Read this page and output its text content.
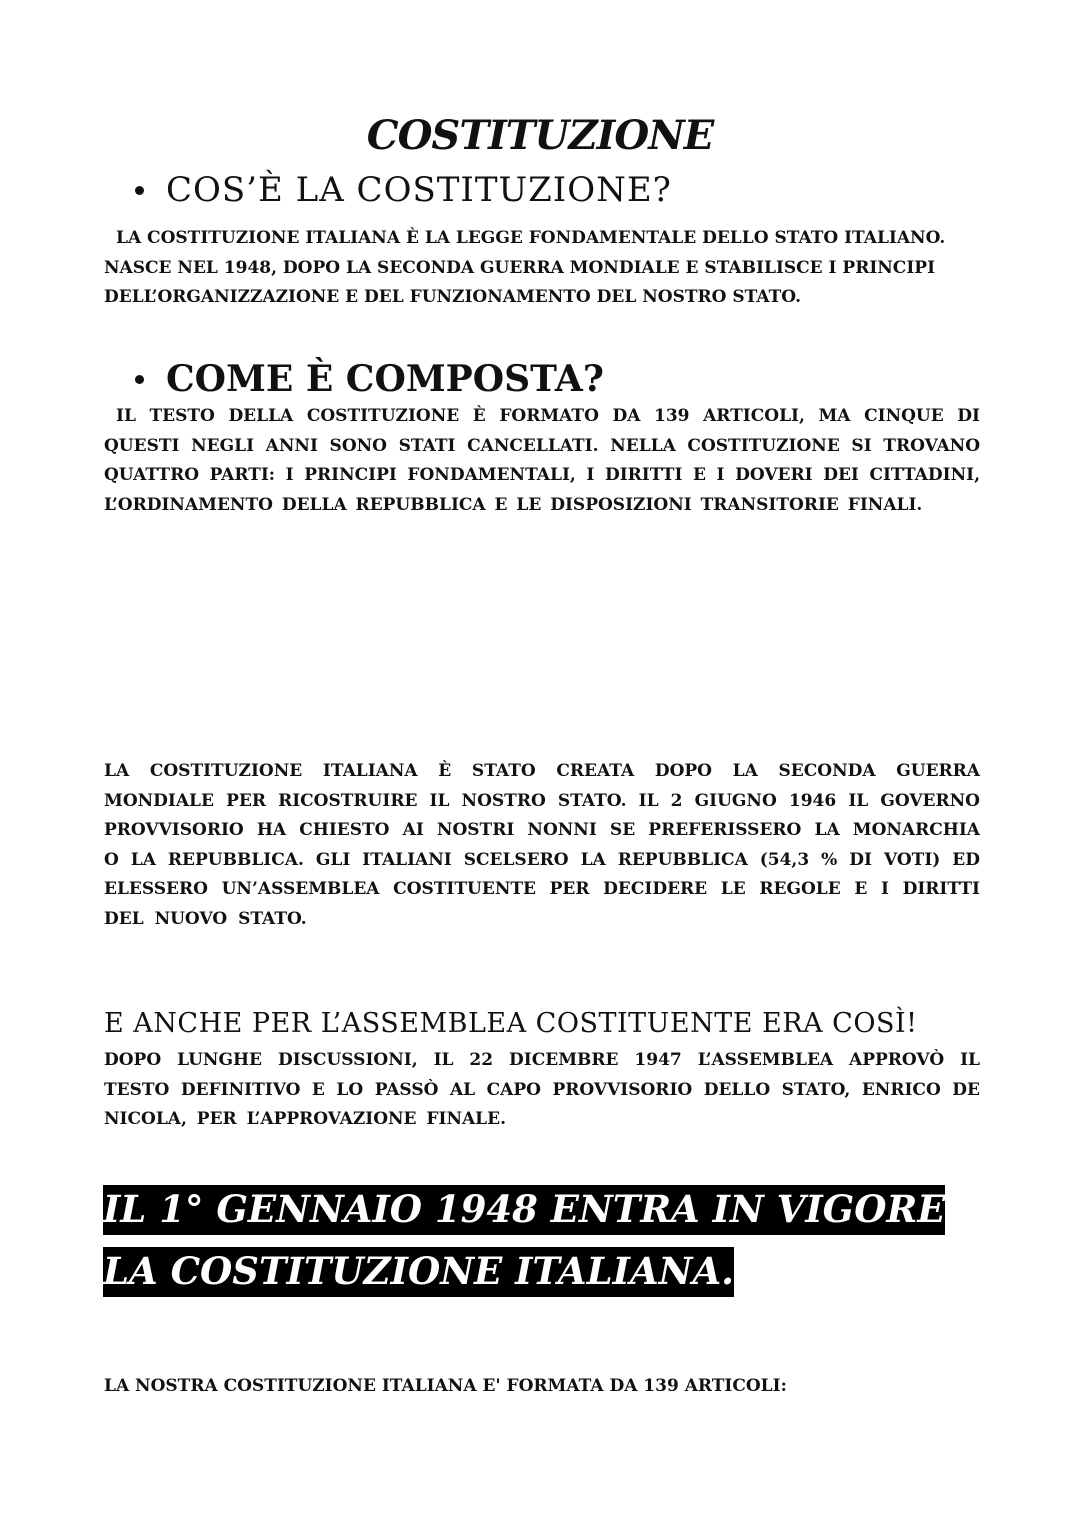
COSTITUZIONE
COS’È LA COSTITUZIONE?

LA COSTITUZIONE ITALIANA È LA LEGGE FONDAMENTALE DELLO STATO ITALIANO. NASCE NEL 1948, DOPO LA SECONDA GUERRA MONDIALE E STABILISCE I PRINCIPI DELL’ORGANIZZAZIONE E DEL FUNZIONAMENTO DEL NOSTRO STATO.

COME È COMPOSTA?

IL TESTO DELLA COSTITUZIONE È FORMATO DA 139 ARTICOLI, MA CINQUE DI QUESTI NEGLI ANNI SONO STATI CANCELLATI. NELLA COSTITUZIONE SI TROVANO QUATTRO PARTI: I PRINCIPI FONDAMENTALI, I DIRITTI E I DOVERI DEI CITTADINI, L’ORDINAMENTO DELLA REPUBBLICA E LE DISPOSIZIONI TRANSITORIE FINALI.

LA COSTITUZIONE ITALIANA È STATO CREATA DOPO LA SECONDA GUERRA MONDIALE PER RICOSTRUIRE IL NOSTRO STATO. IL 2 GIUGNO 1946 IL GOVERNO PROVVISORIO HA CHIESTO AI NOSTRI NONNI SE PREFERISSERO LA MONARCHIA O LA REPUBBLICA. GLI ITALIANI SCELSERO LA REPUBBLICA (54,3 % DI VOTI) ED ELESSERO UN’ASSEMBLEA COSTITUENTE PER DECIDERE LE REGOLE E I DIRITTI DEL NUOVO STATO.

E ANCHE PER L’ASSEMBLEA COSTITUENTE ERA COSÌ!

DOPO LUNGHE DISCUSSIONI, IL 22 DICEMBRE 1947 L’ASSEMBLEA APPROVÒ IL TESTO DEFINITIVO E LO PASSÒ AL CAPO PROVVISORIO DELLO STATO, ENRICO DE NICOLA, PER L’APPROVAZIONE FINALE.

IL 1° GENNAIO 1948 ENTRA IN VIGORE LA COSTITUZIONE ITALIANA.

LA NOSTRA COSTITUZIONE ITALIANA E' FORMATA DA 139 ARTICOLI:
